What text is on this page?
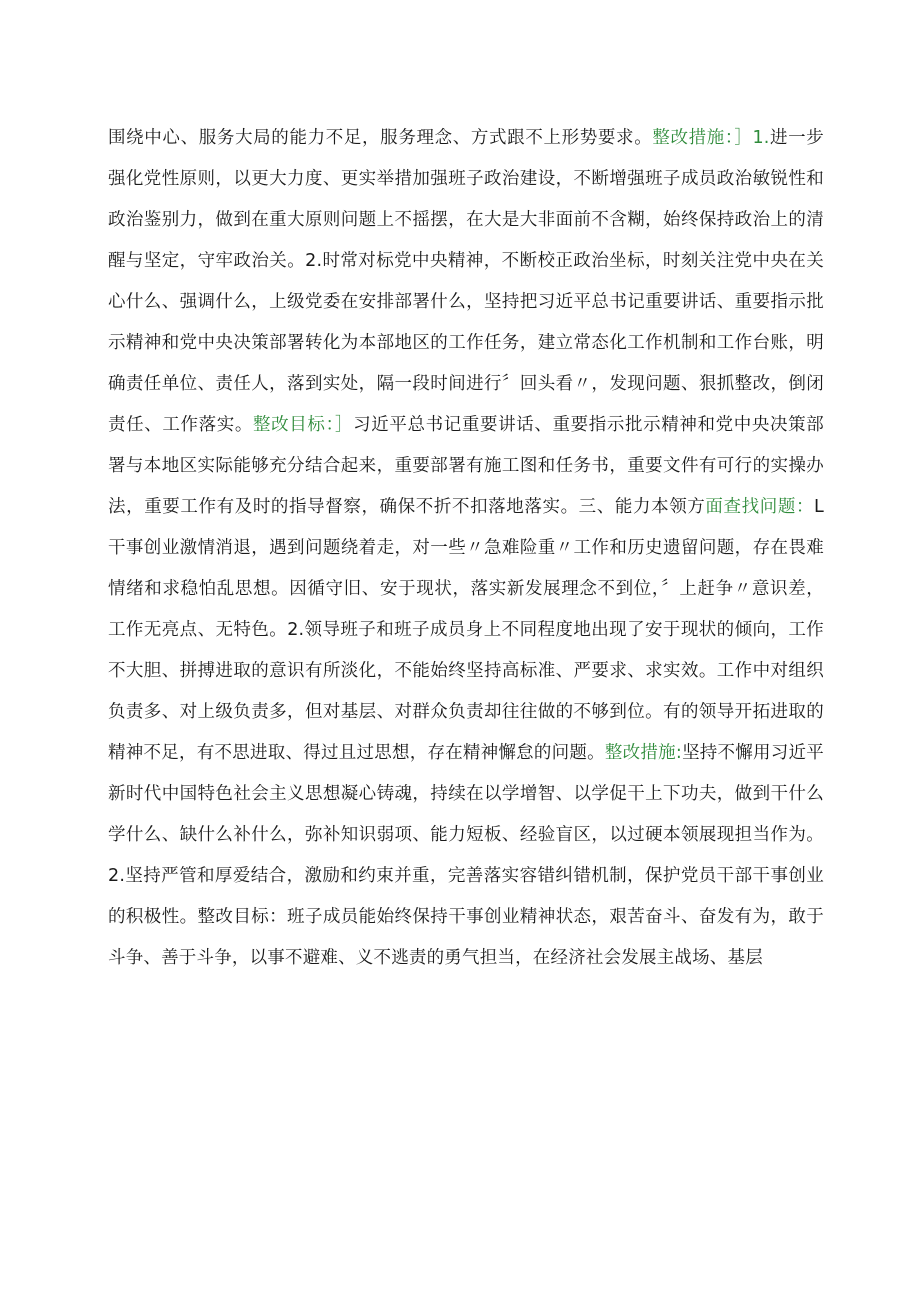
围绕中心、服务大局的能力不足，服务理念、方式跟不上形势要求。整改措施：］1.进一步强化党性原则，以更大力度、更实举措加强班子政治建设，不断增强班子成员政治敏锐性和政治鉴别力，做到在重大原则问题上不摇摆，在大是大非面前不含糊，始终保持政治上的清醒与坚定，守牢政治关。2.时常对标党中央精神，不断校正政治坐标，时刻关注党中央在关心什么、强调什么，上级党委在安排部署什么，坚持把习近平总书记重要讲话、重要指示批示精神和党中央决策部署转化为本部地区的工作任务，建立常态化工作机制和工作台账，明确责任单位、责任人，落到实处，隔一段时间进行〞回头看〃，发现问题、狠抓整改，倒闭责任、工作落实。整改目标：］习近平总书记重要讲话、重要指示批示精神和党中央决策部署与本地区实际能够充分结合起来，重要部署有施工图和任务书，重要文件有可行的实操办法，重要工作有及时的指导督察，确保不折不扣落地落实。三、能力本领方面查找问题：L干事创业激情消退，遇到问题绕着走，对一些〃急难险重〃工作和历史遗留问题，存在畏难情绪和求稳怕乱思想。因循守旧、安于现状，落实新发展理念不到位，〞上赶争〃意识差，工作无亮点、无特色。2.领导班子和班子成员身上不同程度地出现了安于现状的倾向，工作不大胆、拼搏进取的意识有所淡化，不能始终坚持高标准、严要求、求实效。工作中对组织负责多、对上级负责多，但对基层、对群众负责却往往做的不够到位。有的领导开拓进取的精神不足，有不思进取、得过且过思想，存在精神懈怠的问题。整改措施:坚持不懈用习近平新时代中国特色社会主义思想凝心铸魂，持续在以学增智、以学促干上下功夫，做到干什么学什么、缺什么补什么，弥补知识弱项、能力短板、经验盲区，以过硬本领展现担当作为。2.坚持严管和厚爱结合，激励和约束并重，完善落实容错纠错机制，保护党员干部干事创业的积极性。整改目标：班子成员能始终保持干事创业精神状态，艰苦奋斗、奋发有为，敢于斗争、善于斗争，以事不避难、义不逃责的勇气担当，在经济社会发展主战场、基层
